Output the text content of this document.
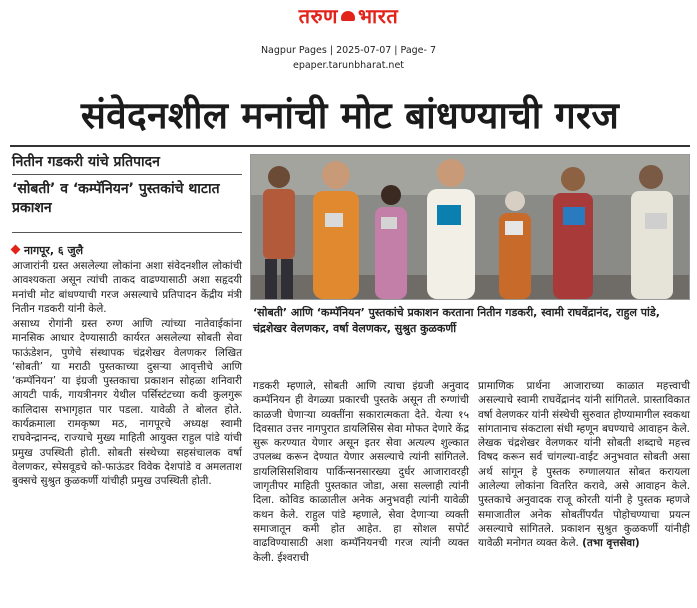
तरुण भारत
Nagpur Pages | 2025-07-07 | Page- 7
epaper.tarunbharat.net
संवेदनशील मनांची मोट बांधण्याची गरज
नितीन गडकरी यांचे प्रतिपादन
‘सोबती’ व ‘कम्पॅनियन’ पुस्तकांचे थाटात प्रकाशन
नागपूर, ६ जुलै
आजारांनी ग्रस्त असलेल्या लोकांना अशा संवेदनशील लोकांची आवश्यकता असून त्यांची ताकद वाढण्यासाठी अशा सहृदयी मनांची मोट बांधण्याची गरज असल्याचे प्रतिपादन केंद्रीय मंत्री नितीन गडकरी यांनी केले.
असाध्य रोगांनी ग्रस्त रुग्ण आणि त्यांच्या नातेवाईकांना मानसिक आधार देण्यासाठी कार्यरत असलेल्या सोबती सेवा फाऊंडेशन, पुणेचे संस्थापक चंद्रशेखर वेलणकर लिखित ‘सोबती’ या मराठी पुस्तकाच्या दुसऱ्या आवृत्तीचे आणि ‘कम्पॅनियन’ या इंग्रजी पुस्तकाचा प्रकाशन सोहळा शनिवारी आयटी पार्क, गायत्रीनगर येथील पर्सिस्टंटच्या कवी कुलगुरू कालिदास सभागृहात पार पडला. यावेळी ते बोलत होते. कार्यक्रमाला रामकृष्ण मठ, नागपूरचे अध्यक्ष स्वामी राघवेन्द्रानन्द, राज्याचे मुख्य माहिती आयुक्त राहुल पांडे यांची प्रमुख उपस्थिती होती. सोबती संस्थेच्या सहसंचालक वर्षा वेलणकर, स्पेसवूडचे को-फाऊंडर विवेक देशपांडे व अमलताश बुक्सचे सुश्रुत कुळकर्णी यांचीही प्रमुख उपस्थिती होती.
‘सोबती’ आणि ‘कम्पॅनियन’ पुस्तकांचे प्रकाशन करताना नितीन गडकरी, स्वामी राघवेंद्रानंद, राहुल पांडे, चंद्रशेखर वेलणकर, वर्षा वेलणकर, सुश्रुत कुळकर्णी
गडकरी म्हणाले, सोबती आणि त्याचा इंग्रजी अनुवाद कम्पॅनियन ही वेगळ्या प्रकारची पुस्तके असून ती रुग्णांची काळजी घेणाऱ्या व्यक्तींना सकारात्मकता देते. येत्या १५ दिवसात उत्तर नागपुरात डायलिसिस सेवा मोफत देणारे केंद्र सुरू करण्यात येणार असून इतर सेवा अत्यल्प शुल्कात उपलब्ध करून देण्यात येणार असल्याचे त्यांनी सांगितले. डायलिसिसशिवाय पार्किन्सनसारख्या दुर्धर आजारावरही जागृतीपर माहिती पुस्तकात जोडा, असा सल्लाही त्यांनी दिला. कोविड काळातील अनेक अनुभवही त्यांनी यावेळी कथन केले. राहुल पांडे म्हणाले, सेवा देणाऱ्या व्यक्ती समाजातून कमी होत आहेत. हा सोशल सपोर्ट वाढविण्यासाठी अशा कम्पॅनियनची गरज त्यांनी व्यक्त केली. ईश्वराची
प्रामाणिक प्रार्थना आजाराच्या काळात महत्त्वाची असल्याचे स्वामी राघवेंद्रानंद यांनी सांगितले. प्रास्ताविकात वर्षा वेलणकर यांनी संस्थेची सुरुवात होण्यामागील स्वकथा सांगतानाच संकटाला संधी म्हणून बघण्याचे आवाहन केले. लेखक चंद्रशेखर वेलणकर यांनी सोबती शब्दाचे महत्त्व विषद करून सर्व चांगल्या-वाईट अनुभवात सोबती असा अर्थ सांगून हे पुस्तक रुग्णालयात सोबत करायला आलेल्या लोकांना वितरित करावे, असे आवाहन केले. पुस्तकाचे अनुवादक राजू कोरती यांनी हे पुस्तक म्हणजे समाजातील अनेक सोबतींपर्यंत पोहोचण्याचा प्रयत्न असल्याचे सांगितले. प्रकाशन सुश्रुत कुळकर्णी यांनीही यावेळी मनोगत व्यक्त केले. (तभा वृत्तसेवा)
